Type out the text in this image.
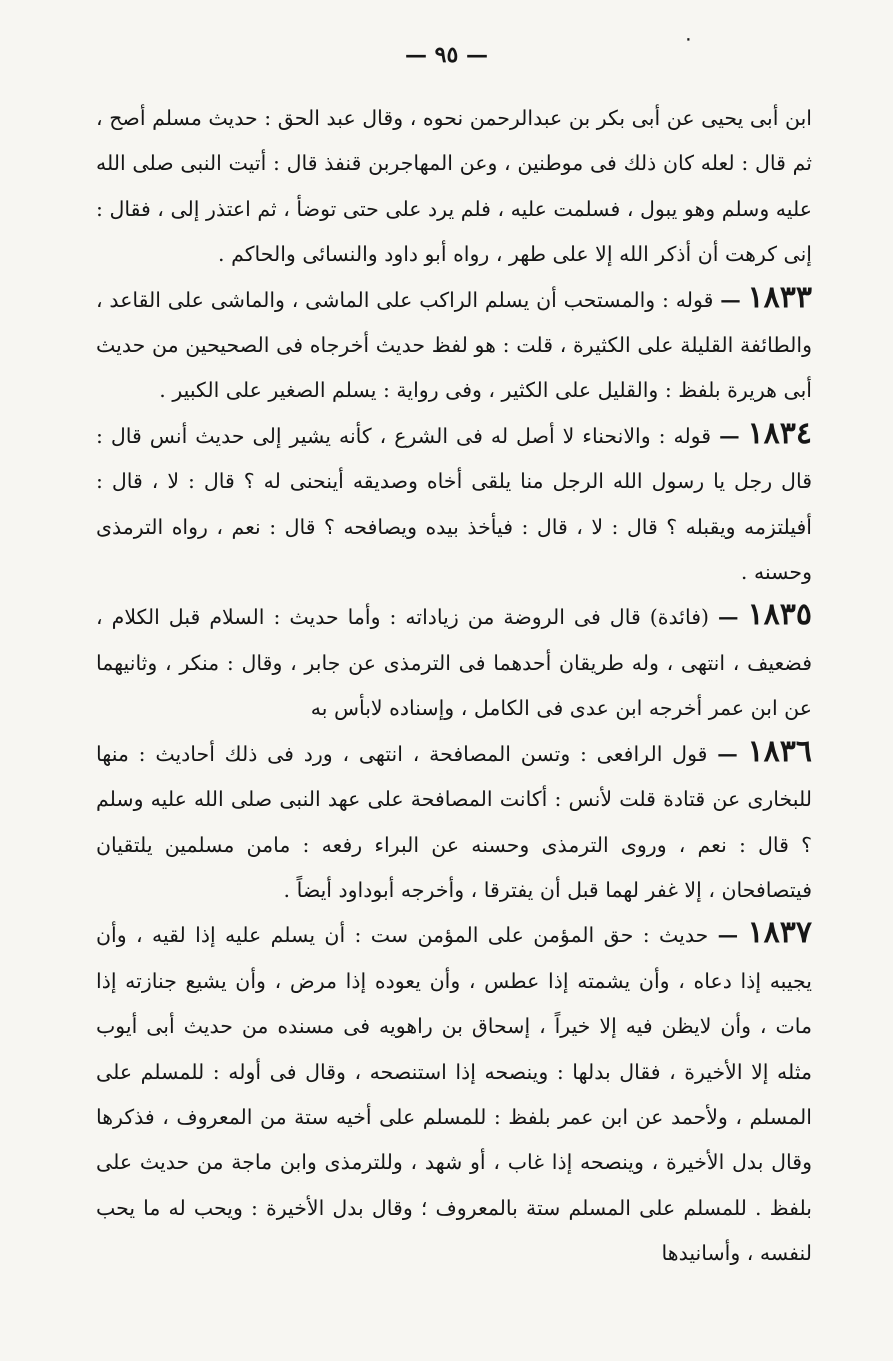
٠
— ٩٥ —

ابن أبى يحيى عن أبى بكر بن عبدالرحمن نحوه ، وقال عبد الحق : حديث مسلم أصح ، ثم قال : لعله كان ذلك فى موطنين ، وعن المهاجربن قنفذ قال : أتيت النبى صلى الله عليه وسلم وهو يبول ، فسلمت عليه ، فلم يرد على حتى توضأ ، ثم اعتذر إلى ، فقال : إنى كرهت أن أذكر الله إلا على طهر ، رواه أبو داود والنسائى والحاكم .

١٨٣٣ — قوله : والمستحب أن يسلم الراكب على الماشى ، والماشى على القاعد ، والطائفة القليلة على الكثيرة ، قلت : هو لفظ حديث أخرجاه فى الصحيحين من حديث أبى هريرة بلفظ : والقليل على الكثير ، وفى رواية : يسلم الصغير على الكبير .

١٨٣٤ — قوله : والانحناء لا أصل له فى الشرع ، كأنه يشير إلى حديث أنس قال : قال رجل يا رسول الله الرجل منا يلقى أخاه وصديقه أينحنى له ؟ قال : لا ، قال : أفيلتزمه ويقبله ؟ قال : لا ، قال : فيأخذ بيده ويصافحه ؟ قال : نعم ، رواه الترمذى وحسنه .

١٨٣٥ — (فائدة) قال فى الروضة من زياداته : وأما حديث : السلام قبل الكلام ، فضعيف ، انتهى ، وله طريقان أحدهما فى الترمذى عن جابر ، وقال : منكر ، وثانيهما عن ابن عمر أخرجه ابن عدى فى الكامل ، وإسناده لابأس به

١٨٣٦ — قول الرافعى : وتسن المصافحة ، انتهى ، ورد فى ذلك أحاديث : منها للبخارى عن قتادة قلت لأنس : أكانت المصافحة على عهد النبى صلى الله عليه وسلم ؟ قال : نعم ، وروى الترمذى وحسنه عن البراء رفعه : مامن مسلمين يلتقيان فيتصافحان ، إلا غفر لهما قبل أن يفترقا ، وأخرجه أبوداود أيضاً .

١٨٣٧ — حديث : حق المؤمن على المؤمن ست : أن يسلم عليه إذا لقيه ، وأن يجيبه إذا دعاه ، وأن يشمته إذا عطس ، وأن يعوده إذا مرض ، وأن يشيع جنازته إذا مات ، وأن لايظن فيه إلا خيراً ، إسحاق بن راهويه فى مسنده من حديث أبى أيوب مثله إلا الأخيرة ، فقال بدلها : وينصحه إذا استنصحه ، وقال فى أوله : للمسلم على المسلم ، ولأحمد عن ابن عمر بلفظ : للمسلم على أخيه ستة من المعروف ، فذكرها وقال بدل الأخيرة ، وينصحه إذا غاب ، أو شهد ، وللترمذى وابن ماجة من حديث على بلفظ . للمسلم على المسلم ستة بالمعروف ؛ وقال بدل الأخيرة : ويحب له ما يحب لنفسه ، وأسانيدها
